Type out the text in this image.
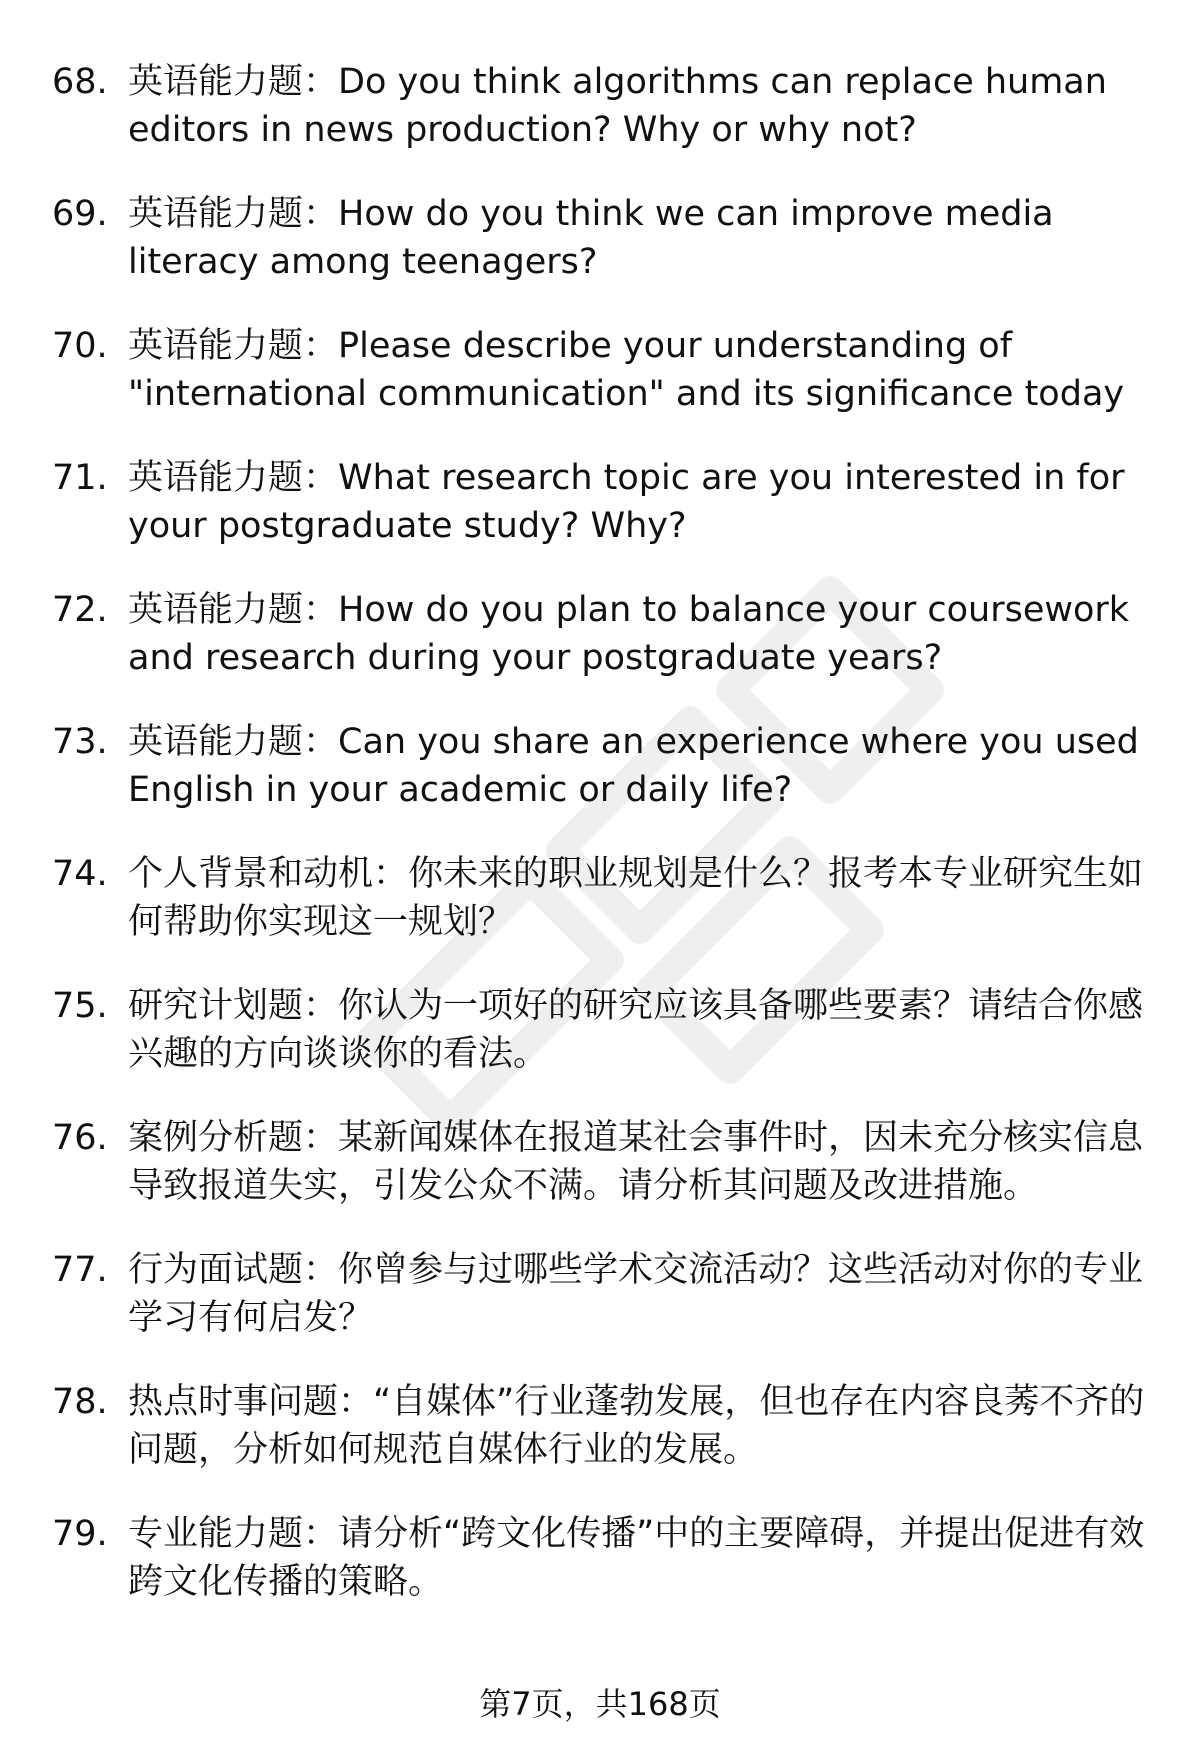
68. 英语能力题：Do you think algorithms can replace human editors in news production? Why or why not?
69. 英语能力题：How do you think we can improve media literacy among teenagers?
70. 英语能力题：Please describe your understanding of "international communication" and its significance today
71. 英语能力题：What research topic are you interested in for your postgraduate study? Why?
72. 英语能力题：How do you plan to balance your coursework and research during your postgraduate years?
73. 英语能力题：Can you share an experience where you used English in your academic or daily life?
74. 个人背景和动机：你未来的职业规划是什么？报考本专业研究生如何帮助你实现这一规划？
75. 研究计划题：你认为一项好的研究应该具备哪些要素？请结合你感兴趣的方向谈谈你的看法。
76. 案例分析题：某新闻媒体在报道某社会事件时，因未充分核实信息导致报道失实，引发公众不满。请分析其问题及改进措施。
77. 行为面试题：你曾参与过哪些学术交流活动？这些活动对你的专业学习有何启发？
78. 热点时事问题：“自媒体”行业蓬勃发展，但也存在内容良莠不齐的问题，分析如何规范自媒体行业的发展。
79. 专业能力题：请分析“跨文化传播”中的主要障碍，并提出促进有效跨文化传播的策略。
第7页，共168页
